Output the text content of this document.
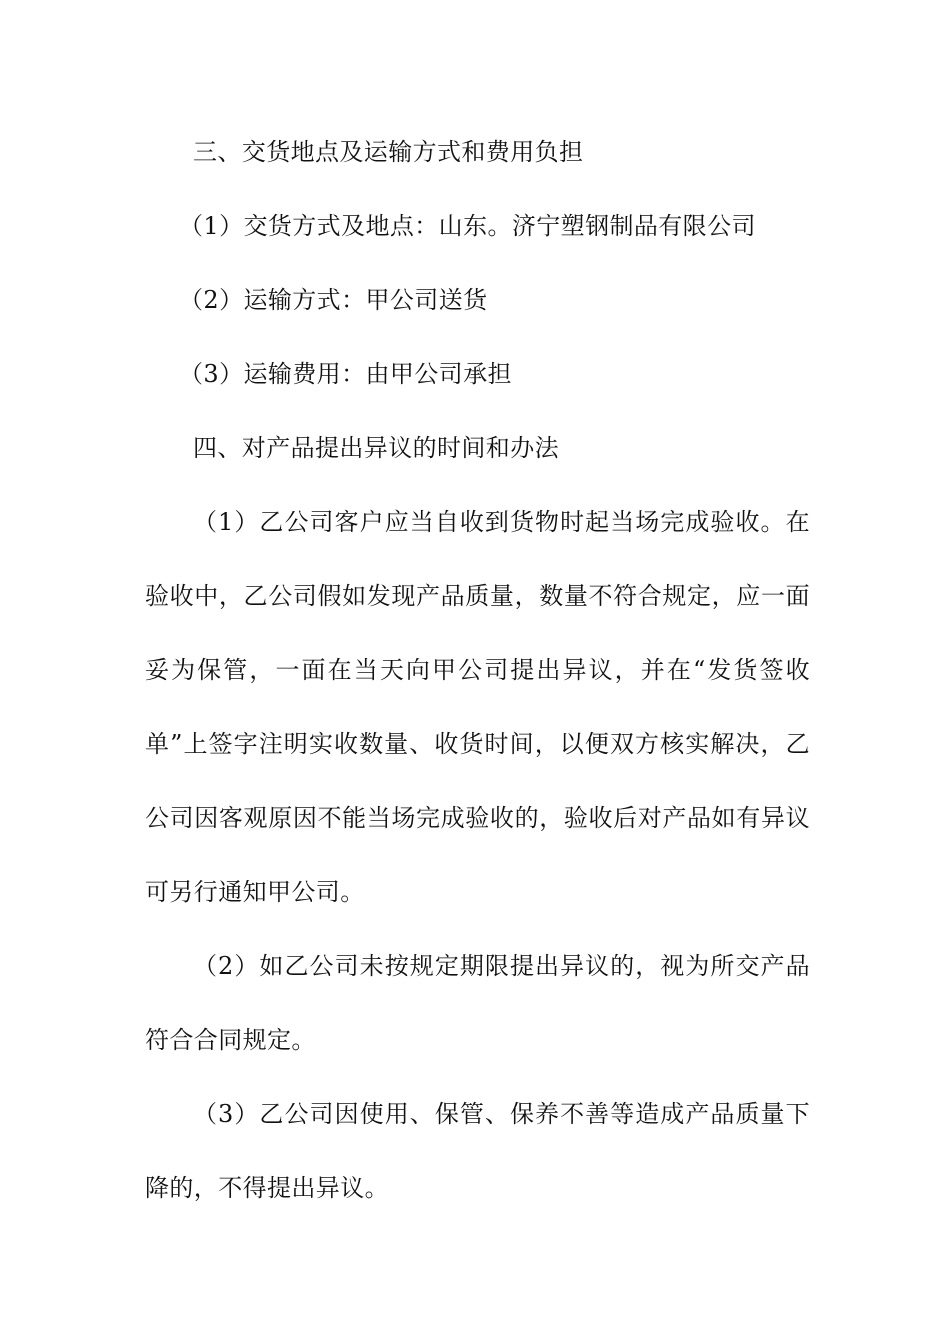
三、交货地点及运输方式和费用负担

（1）交货方式及地点：山东。济宁塑钢制品有限公司

（2）运输方式：甲公司送货

（3）运输费用：由甲公司承担

四、对产品提出异议的时间和办法

（1）乙公司客户应当自收到货物时起当场完成验收。在验收中，乙公司假如发现产品质量，数量不符合规定，应一面妥为保管，一面在当天向甲公司提出异议，并在“发货签收单”上签字注明实收数量、收货时间，以便双方核实解决，乙公司因客观原因不能当场完成验收的，验收后对产品如有异议可另行通知甲公司。

（2）如乙公司未按规定期限提出异议的，视为所交产品符合合同规定。

（3）乙公司因使用、保管、保养不善等造成产品质量下降的，不得提出异议。
